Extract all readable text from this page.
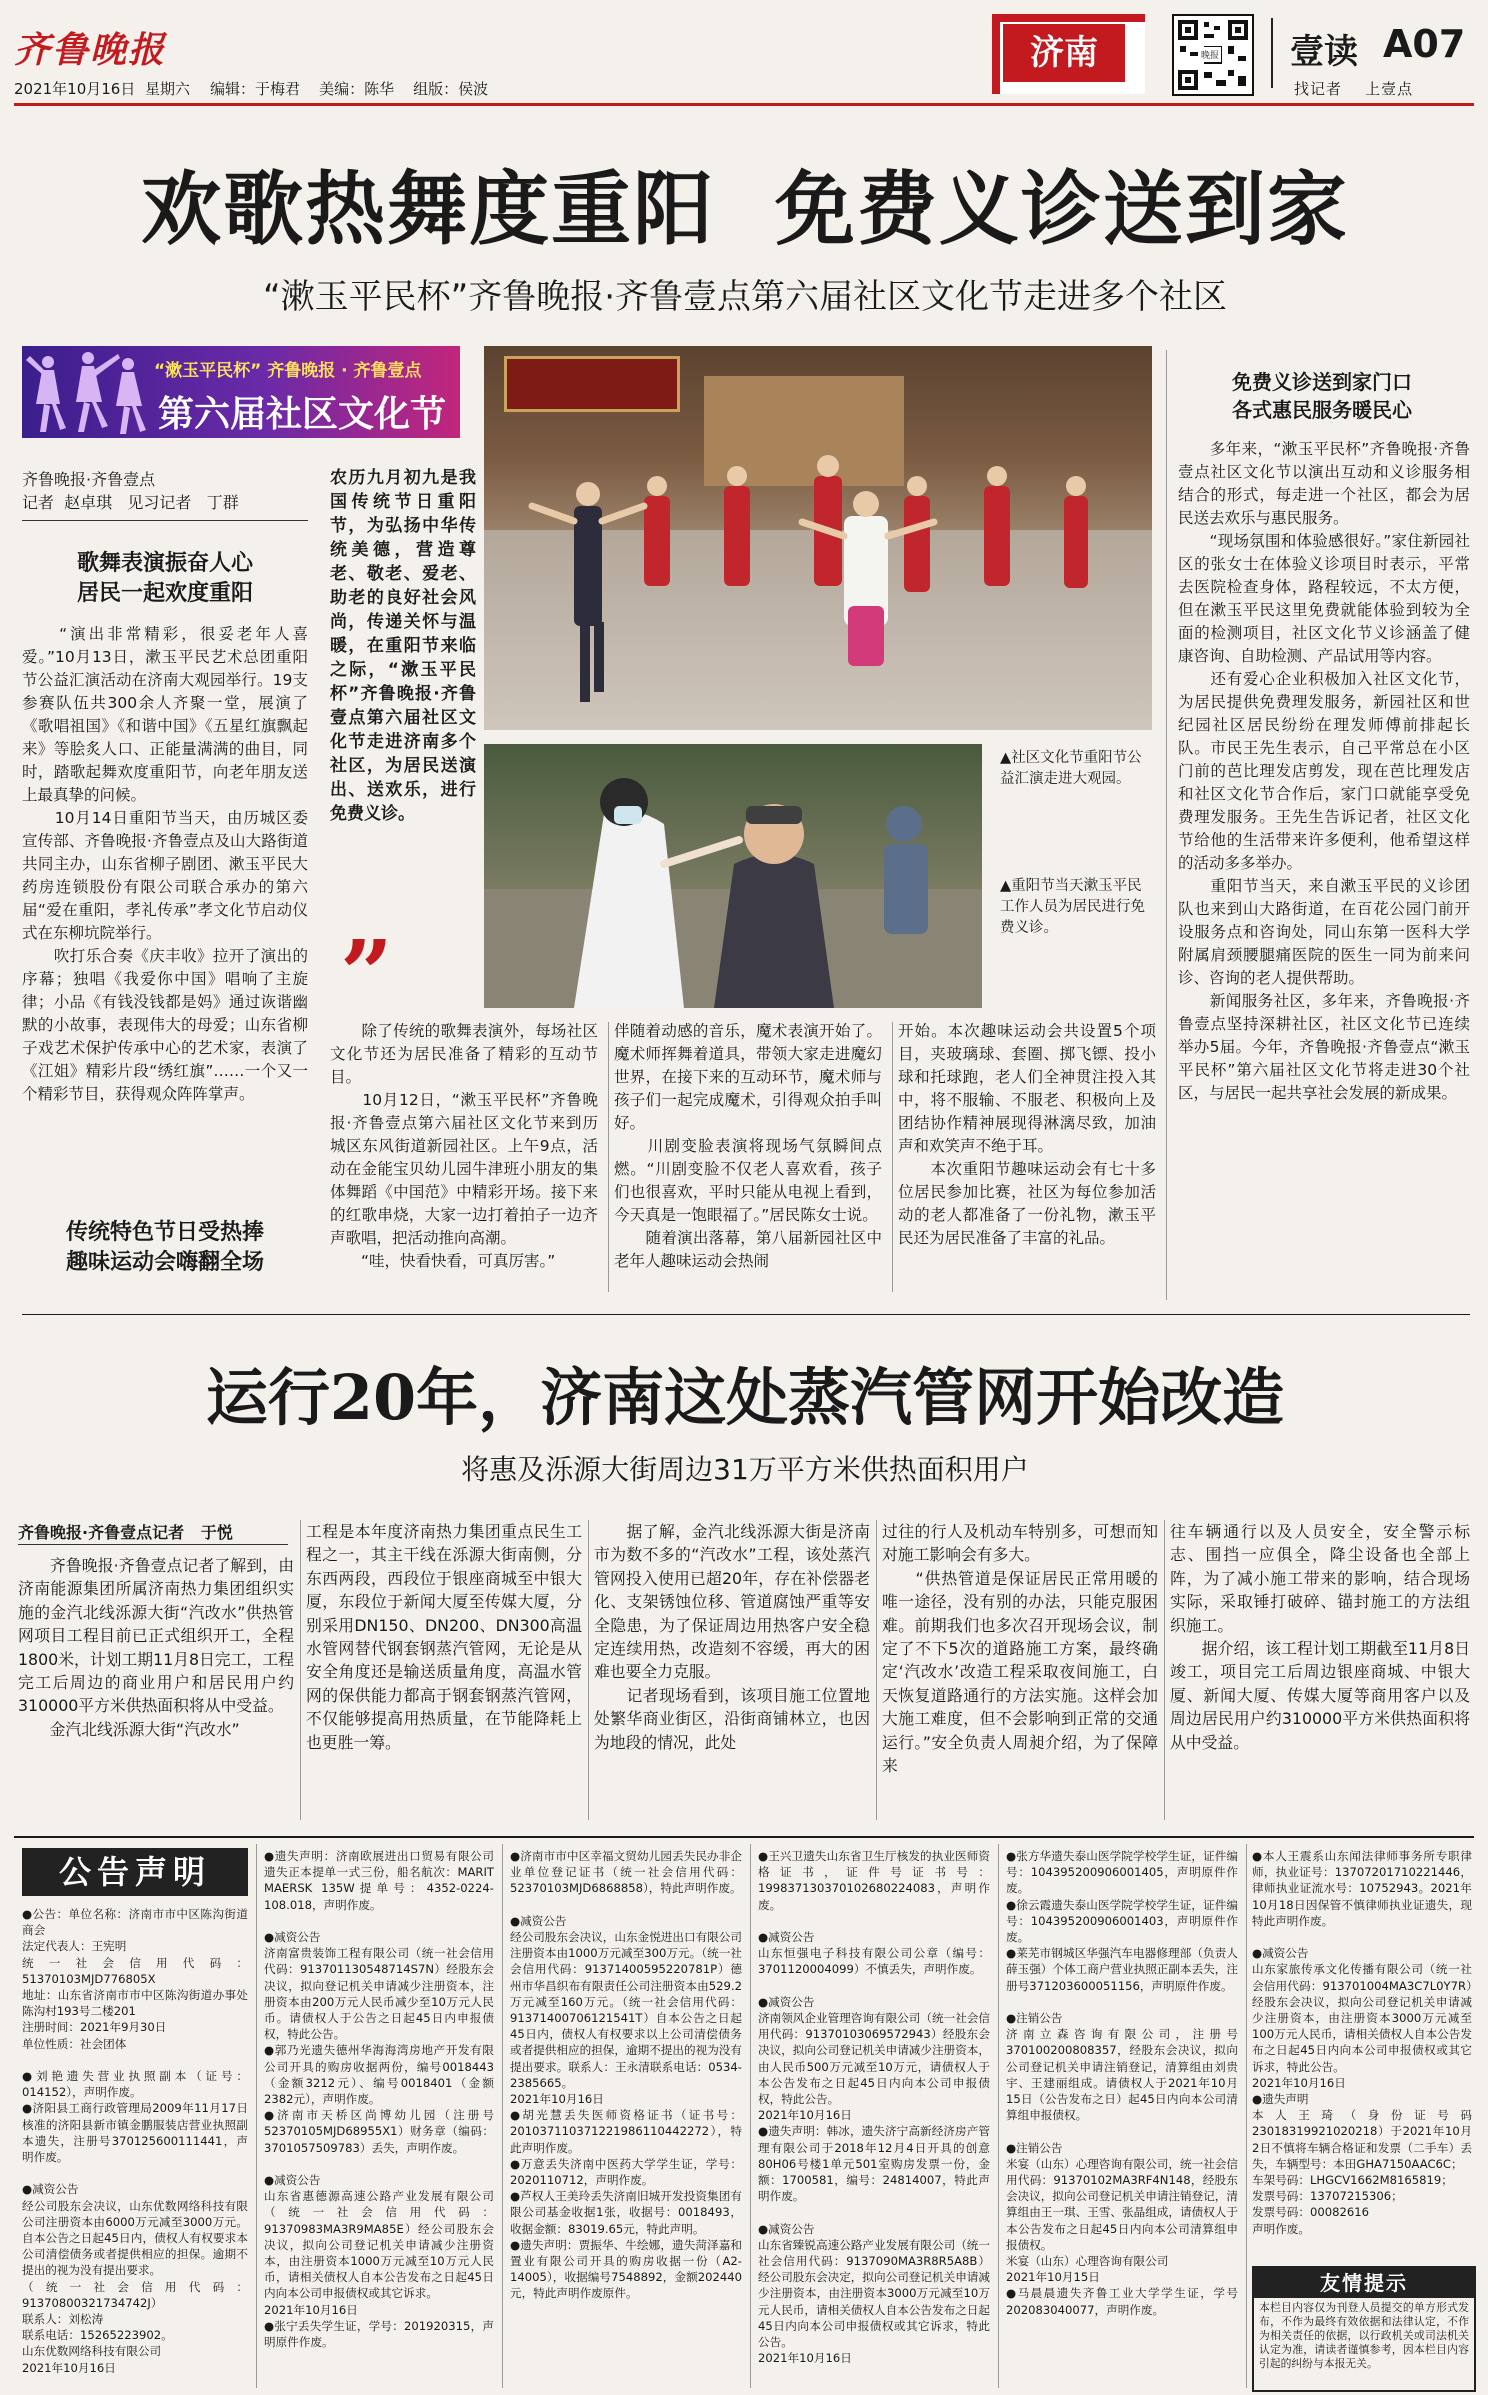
齐鲁晚报
2021年10月16日 星期六 编辑：于梅君    美编：陈华    组版：侯波
济南	晚报 壹读 A07
找记者    上壹点
欢歌热舞度重阳  免费义诊送到家
“漱玉平民杯”齐鲁晚报·齐鲁壹点第六届社区文化节走进多个社区
“漱玉平民杯” 齐鲁晚报 · 齐鲁壹点
第六届社区文化节
齐鲁晚报·齐鲁壹点
记者  赵卓琪   见习记者   丁群
歌舞表演振奋人心
居民一起欢度重阳
　　“演出非常精彩，很妥老年人喜爱。”10月13日，漱玉平民艺术总团重阳节公益汇演活动在济南大观园举行。19支参赛队伍共300余人齐聚一堂，展演了《歌唱祖国》《和谐中国》《五星红旗飘起来》等脍炙人口、正能量满满的曲目，同时，踏歌起舞欢度重阳节，向老年朋友送上最真挚的问候。
　　10月14日重阳节当天，由历城区委宣传部、齐鲁晚报·齐鲁壹点及山大路街道共同主办，山东省柳子剧团、漱玉平民大药房连锁股份有限公司联合承办的第六届“爱在重阳，孝礼传承”孝文化节启动仪式在东柳坑院举行。
　　吹打乐合奏《庆丰收》拉开了演出的序幕；独唱《我爱你中国》唱响了主旋律；小品《有钱没钱都是妈》通过诙谐幽默的小故事，表现伟大的母爱；山东省柳子戏艺术保护传承中心的艺术家，表演了《江姐》精彩片段“绣红旗”……一个又一个精彩节目，获得观众阵阵掌声。
传统特色节日受热捧
趣味运动会嗨翻全场
农历九月初九是我国传统节日重阳节，为弘扬中华传统美德，营造尊老、敬老、爱老、助老的良好社会风尚，传递关怀与温暖，在重阳节来临之际，“漱玉平民杯”齐鲁晚报·齐鲁壹点第六届社区文化节走进济南多个社区，为居民送演出、送欢乐，进行免费义诊。
”
▲社区文化节重阳节公益汇演走进大观园。
▲重阳节当天漱玉平民工作人员为居民进行免费义诊。
　　除了传统的歌舞表演外，每场社区文化节还为居民准备了精彩的互动节目。
　　10月12日，“漱玉平民杯”齐鲁晚报·齐鲁壹点第六届社区文化节来到历城区东风街道新园社区。上午9点，活动在金能宝贝幼儿园牛津班小朋友的集体舞蹈《中国范》中精彩开场。接下来的红歌串烧，大家一边打着拍子一边齐声歌唱，把活动推向高潮。
　　“哇，快看快看，可真厉害。”
伴随着动感的音乐，魔术表演开始了。魔术师挥舞着道具，带领大家走进魔幻世界，在接下来的互动环节，魔术师与孩子们一起完成魔术，引得观众拍手叫好。
　　川剧变脸表演将现场气氛瞬间点燃。“川剧变脸不仅老人喜欢看，孩子们也很喜欢，平时只能从电视上看到，今天真是一饱眼福了。”居民陈女士说。
　　随着演出落幕，第八届新园社区中老年人趣味运动会热闹
开始。本次趣味运动会共设置5个项目，夹玻璃球、套圈、掷飞镖、投小球和托球跑，老人们全神贯注投入其中，将不服输、不服老、积极向上及团结协作精神展现得淋漓尽致，加油声和欢笑声不绝于耳。
　　本次重阳节趣味运动会有七十多位居民参加比赛，社区为每位参加活动的老人都准备了一份礼物，漱玉平民还为居民准备了丰富的礼品。
免费义诊送到家门口
各式惠民服务暖民心
　　多年来，“漱玉平民杯”齐鲁晚报·齐鲁壹点社区文化节以演出互动和义诊服务相结合的形式，每走进一个社区，都会为居民送去欢乐与惠民服务。
　　“现场氛围和体验感很好。”家住新园社区的张女士在体验义诊项目时表示，平常去医院检查身体，路程较远，不太方便，但在漱玉平民这里免费就能体验到较为全面的检测项目，社区文化节义诊涵盖了健康咨询、自助检测、产品试用等内容。
　　还有爱心企业积极加入社区文化节，为居民提供免费理发服务，新园社区和世纪园社区居民纷纷在理发师傅前排起长队。市民王先生表示，自己平常总在小区门前的芭比理发店剪发，现在芭比理发店和社区文化节合作后，家门口就能享受免费理发服务。王先生告诉记者，社区文化节给他的生活带来许多便利，他希望这样的活动多多举办。
　　重阳节当天，来自漱玉平民的义诊团队也来到山大路街道，在百花公园门前开设服务点和咨询处，同山东第一医科大学附属肩颈腰腿痛医院的医生一同为前来问诊、咨询的老人提供帮助。
　　新闻服务社区，多年来，齐鲁晚报·齐鲁壹点坚持深耕社区，社区文化节已连续举办5届。今年，齐鲁晚报·齐鲁壹点“漱玉平民杯”第六届社区文化节将走进30个社区，与居民一起共享社会发展的新成果。
运行20年，济南这处蒸汽管网开始改造
将惠及泺源大街周边31万平方米供热面积用户
齐鲁晚报·齐鲁壹点记者   于悦
　　齐鲁晚报·齐鲁壹点记者了解到，由济南能源集团所属济南热力集团组织实施的金汽北线泺源大街“汽改水”供热管网项目工程目前已正式组织开工，全程1800米，计划工期11月8日完工，工程完工后周边的商业用户和居民用户约310000平方米供热面积将从中受益。
　　金汽北线泺源大街“汽改水”
工程是本年度济南热力集团重点民生工程之一，其主干线在泺源大街南侧，分东西两段，西段位于银座商城至中银大厦，东段位于新闻大厦至传媒大厦，分别采用DN150、DN200、DN300高温水管网替代钢套钢蒸汽管网，无论是从安全角度还是输送质量角度，高温水管网的保供能力都高于钢套钢蒸汽管网，不仅能够提高用热质量，在节能降耗上也更胜一筹。
　　据了解，金汽北线泺源大街是济南市为数不多的“汽改水”工程，该处蒸汽管网投入使用已超20年，存在补偿器老化、支架锈蚀位移、管道腐蚀严重等安全隐患，为了保证周边用热客户安全稳定连续用热，改造刻不容缓，再大的困难也要全力克服。
　　记者现场看到，该项目施工位置地处繁华商业街区，沿街商铺林立，也因为地段的情况，此处
过往的行人及机动车特别多，可想而知对施工影响会有多大。
　　“供热管道是保证居民正常用暖的唯一途径，没有别的办法，只能克服困难。前期我们也多次召开现场会议，制定了不下5次的道路施工方案，最终确定‘汽改水’改造工程采取夜间施工，白天恢复道路通行的方法实施。这样会加大施工难度，但不会影响到正常的交通运行。”安全负责人周昶介绍，为了保障来
往车辆通行以及人员安全，安全警示标志、围挡一应俱全，降尘设备也全部上阵，为了减小施工带来的影响，结合现场实际，采取锤打破碎、锚封施工的方法组织施工。
　　据介绍，该工程计划工期截至11月8日竣工，项目完工后周边银座商城、中银大厦、新闻大厦、传媒大厦等商用客户以及周边居民用户约310000平方米供热面积将从中受益。
公告声明
●公告：单位名称：济南市市中区陈沟街道商会
法定代表人：王宪明
统一社会信用代码：51370103MJD776805X
地址：山东省济南市市中区陈沟街道办事处陈沟村193号二楼201
注册时间：2021年9月30日
单位性质：社会团体

●刘艳遗失营业执照副本（证号：014152），声明作废。
●济阳县工商行政管理局2009年11月17日核准的济阳县新市镇金鹏服装店营业执照副本遗失，注册号370125600111441，声明作废。

●减资公告
经公司股东会决议，山东优数网络科技有限公司注册资本由6000万元减至3000万元。自本公告之日起45日内，债权人有权要求本公司清偿债务或者提供相应的担保。逾期不提出的视为没有提出要求。
（统一社会信用代码：91370800321734742J）
联系人：刘松涛
联系电话：15265223902。
山东优数网络科技有限公司
2021年10月16日
●遗失声明：济南欧展进出口贸易有限公司遗失正本提单一式三份，船名航次：MARIT MAERSK 135W提单号：4352-0224-108.018，声明作废。

●减资公告
济南富贵装饰工程有限公司（统一社会信用代码：913701130548714S7N）经股东会决议，拟向登记机关申请减少注册资本，注册资本由200万元人民币减少至10万元人民币。请债权人于公告之日起45日内申报债权，特此公告。
●郭乃光遗失德州华海海湾房地产开发有限公司开具的购房收据两份，编号0018443（金额3212元）、编号0018401（金额2382元），声明作废。
●济南市天桥区尚博幼儿园（注册号52370105MJD68955X1）财务章（编码：3701057509783）丢失，声明作废。

●减资公告
山东省惠德源高速公路产业发展有限公司（统一社会信用代码：91370983MA3R9MA85E）经公司股东会决议，拟向公司登记机关申请减少注册资本，由注册资本1000万元减至10万元人民币，请相关债权人自本公告发布之日起45日内向本公司申报债权或其它诉求。
2021年10月16日
●张宁丢失学生证，学号：201920315，声明原件作废。
●济南市市中区幸福文贸幼儿园丢失民办非企业单位登记证书（统一社会信用代码：52370103MJD6868858），特此声明作废。

●减资公告
经公司股东会决议，山东金悦进出口有限公司注册资本由1000万元减至300万元。（统一社会信用代码：91371400595220781P）德州市华昌织布有限责任公司注册资本由529.2万元减至160万元。（统一社会信用代码：91371400706121541T）自本公告之日起45日内，债权人有权要求以上公司清偿债务或者提供相应的担保，逾期不提出的视为没有提出要求。联系人：王永清联系电话：0534-2385665。
2021年10月16日
●胡光慧丢失医师资格证书（证书号：201037110371221986110442272），特此声明作废。
●万意丢失济南中医药大学学生证，学号：2020110712，声明作废。
●芦权人王美玲丢失济南旧城开发投资集团有限公司基金收据1张，收据号：0018493，收据金额：83019.65元，特此声明。
●遗失声明：贾振华、牛绘娜，遗失菏泽嘉和置业有限公司开具的购房收据一份（A2-14005），收据编号7548892，金额202440元，特此声明作废原件。
●王兴卫遗失山东省卫生厅核发的执业医师资格证书，证件号证书号：199837130370102680224083，声明作废。

●减资公告
山东恒强电子科技有限公司公章（编号：3701120004099）不慎丢失，声明作废。

●减资公告
济南领风企业管理咨询有限公司（统一社会信用代码：91370103069572943）经股东会决议，拟向公司登记机关申请减少注册资本，由人民币500万元减至10万元，请债权人于本公告发布之日起45日内向本公司申报债权，特此公告。
2021年10月16日
●遗失声明：韩冰，遗失济宁高新经济房产管理有限公司于2018年12月4日开具的创意80H06号楼1单元501室购房发票一份，金额：1700581，编号：24814007，特此声明作废。

●减资公告
山东省臻锐高速公路产业发展有限公司（统一社会信用代码：9137090MA3R8R5A8B）经公司股东会决定，拟向公司登记机关申请减少注册资本，由注册资本3000万元减至10万元人民币，请相关债权人自本公告发布之日起45日内向本公司申报债权或其它诉求，特此公告。
2021年10月16日
●张方华遗失泰山医学院学校学生证，证件编号：104395200906001405，声明原件作废。
●徐云霞遗失泰山医学院学校学生证，证件编号：104395200906001403，声明原件作废。
●莱芜市钢城区华强汽车电器修理部（负责人薛玉强）个体工商户营业执照正副本丢失，注册号371203600051156，声明原件作废。

●注销公告
济南立森咨询有限公司，注册号370100200808357，经股东会决议，拟向公司登记机关申请注销登记，清算组由刘贵宇、王建丽组成。请债权人于2021年10月15日（公告发布之日）起45日内向本公司清算组申报债权。

●注销公告
米宴（山东）心理咨询有限公司，统一社会信用代码：91370102MA3RF4N148，经股东会决议，拟向公司登记机关申请注销登记，清算组由王一琪、王雪、张晶组成，请债权人于本公告发布之日起45日内向本公司清算组申报债权。
米宴（山东）心理咨询有限公司
2021年10月15日
●马晨晨遗失齐鲁工业大学学生证，学号202083040077，声明作废。
●本人王震系山东闻法律师事务所专职律师，执业证号：13707201710221446，律师执业证流水号：10752943。2021年10月18日因保管不慎律师执业证遗失，现特此声明作废。

●减资公告
山东家旅传承文化传播有限公司（统一社会信用代码：913701004MA3C7L0Y7R）经股东会决议，拟向公司登记机关申请减少注册资本，由注册资本3000万元减至100万元人民币，请相关债权人自本公告发布之日起45日内向本公司申报债权或其它诉求，特此公告。
2021年10月16日
●遗失声明
本人王琦（身份证号码23018319921020218）于2021年10月2日不慎将车辆合格证和发票（二手车）丢失，车辆型号：本田GHA7150AAC6C；
车架号码：LHGCV1662M8165819；
发票号码：13707215306；
发票号码：00082616
声明作废。
友情提示
本栏目内容仅为刊登人员提交的单方形式发布，不作为最终有效依据和法律认定，不作为相关责任的依据，以行政机关或司法机关认定为准，请读者谨慎参考，因本栏目内容引起的纠纷与本报无关。
